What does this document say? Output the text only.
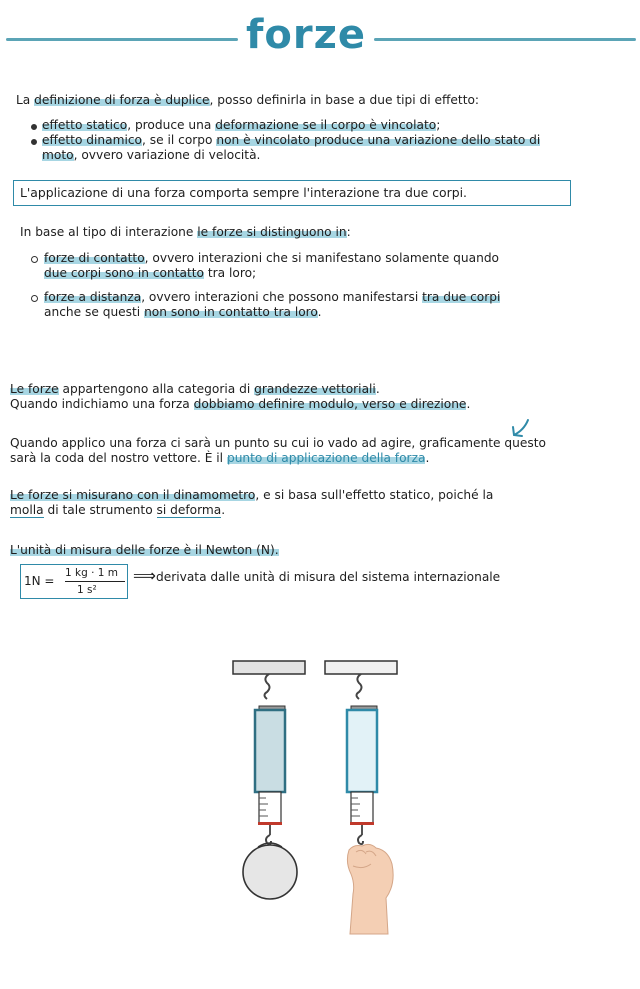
forze
La definizione di forza è duplice, posso definirla in base a due tipi di effetto:
effetto statico, produce una deformazione se il corpo è vincolato;
effetto dinamico, se il corpo non è vincolato produce una variazione dello stato di
moto, ovvero variazione di velocità.
L'applicazione di una forza comporta sempre l'interazione tra due corpi.
In base al tipo di interazione le forze si distinguono in:
forze di contatto, ovvero interazioni che si manifestano solamente quando
due corpi sono in contatto tra loro;
forze a distanza, ovvero interazioni che possono manifestarsi tra due corpi
anche se questi non sono in contatto tra loro.
Le forze appartengono alla categoria di grandezze vettoriali.
Quando indichiamo una forza dobbiamo definire modulo, verso e direzione.
Quando applico una forza ci sarà un punto su cui io vado ad agire, graficamente questo
sarà la coda del nostro vettore. È il punto di applicazione della forza.
Le forze si misurano con il dinamometro, e si basa sull'effetto statico, poiché la
molla di tale strumento si deforma.
L'unità di misura delle forze è il Newton (N).
1N =
1 kg · 1 m
1 s²
⟹ derivata dalle unità di misura del sistema internazionale
